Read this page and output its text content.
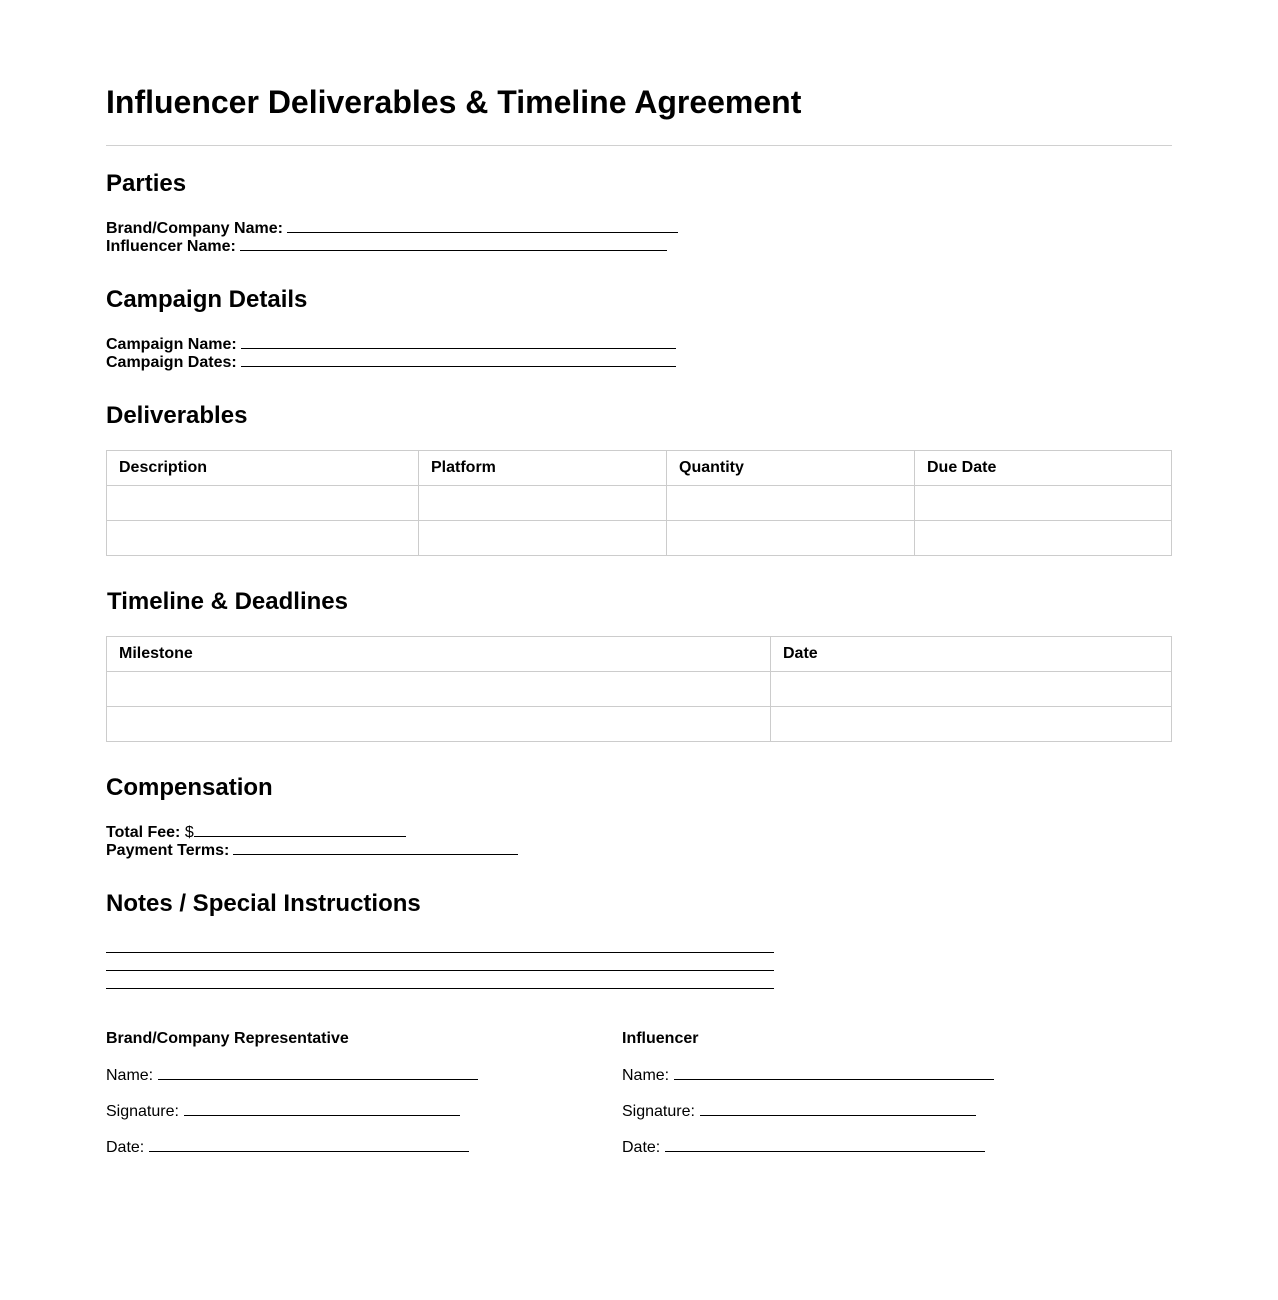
Influencer Deliverables & Timeline Agreement
Parties
Brand/Company Name:
Influencer Name:
Campaign Details
Campaign Name:
Campaign Dates:
Deliverables
Description	Platform	Quantity	Due Date

Timeline & Deadlines
Milestone	Date

Compensation
Total Fee: $
Payment Terms:
Notes / Special Instructions
Brand/Company Representative
Name:
Signature:
Date:
Influencer
Name:
Signature:
Date:
